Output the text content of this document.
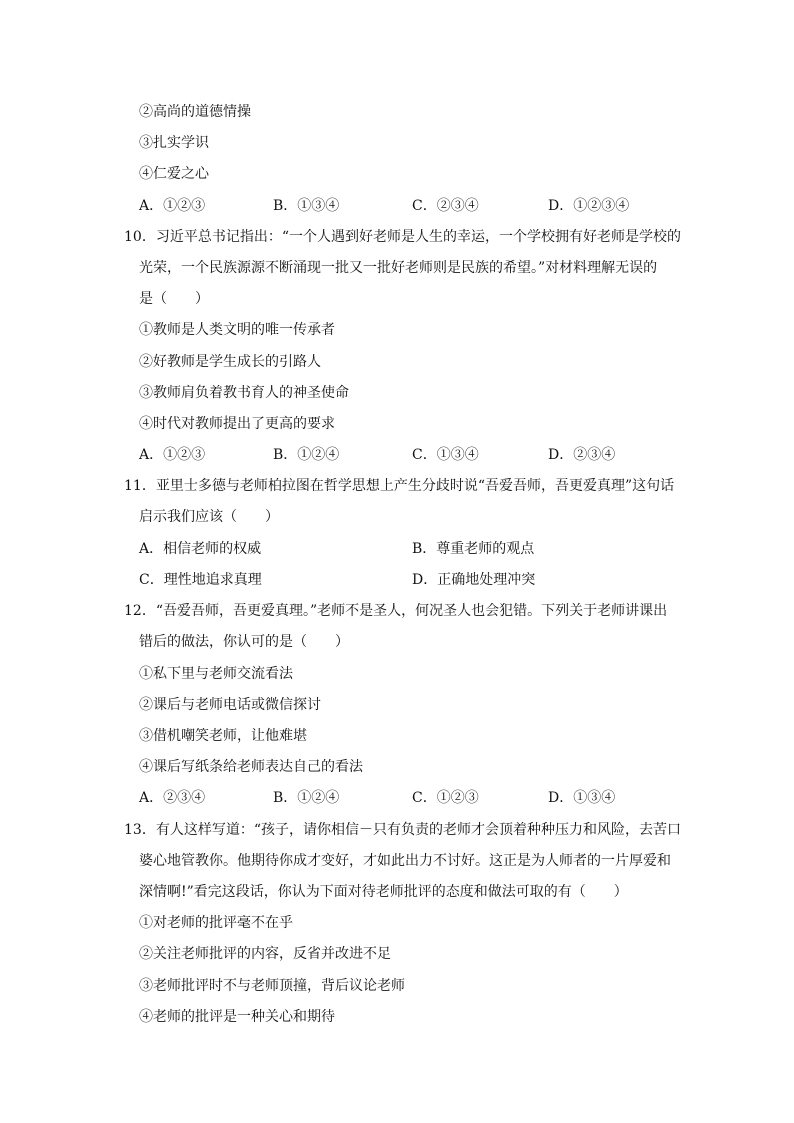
②高尚的道德情操
③扎实学识
④仁爱之心
A．①②③	B．①③④	C．②③④	D．①②③④
10．习近平总书记指出：“一个人遇到好老师是人生的幸运，一个学校拥有好老师是学校的
光荣，一个民族源源不断涌现一批又一批好老师则是民族的希望。”对材料理解无误的
是（　　）
①教师是人类文明的唯一传承者
②好教师是学生成长的引路人
③教师肩负着教书育人的神圣使命
④时代对教师提出了更高的要求
A．①②③	B．①②④	C．①③④	D．②③④
11．亚里士多德与老师柏拉图在哲学思想上产生分歧时说“吾爱吾师，吾更爱真理”这句话
启示我们应该（　　）
A．相信老师的权威	B．尊重老师的观点
C．理性地追求真理	D．正确地处理冲突
12．“吾爱吾师，吾更爱真理。”老师不是圣人，何况圣人也会犯错。下列关于老师讲课出
错后的做法，你认可的是（　　）
①私下里与老师交流看法
②课后与老师电话或微信探讨
③借机嘲笑老师，让他难堪
④课后写纸条给老师表达自己的看法
A．②③④	B．①②④	C．①②③	D．①③④
13．有人这样写道：“孩子，请你相信－只有负责的老师才会顶着种种压力和风险，去苦口
婆心地管教你。他期待你成才变好，才如此出力不讨好。这正是为人师者的一片厚爱和
深情啊!”看完这段话，你认为下面对待老师批评的态度和做法可取的有（　　）
①对老师的批评毫不在乎
②关注老师批评的内容，反省并改进不足
③老师批评时不与老师顶撞，背后议论老师
④老师的批评是一种关心和期待
